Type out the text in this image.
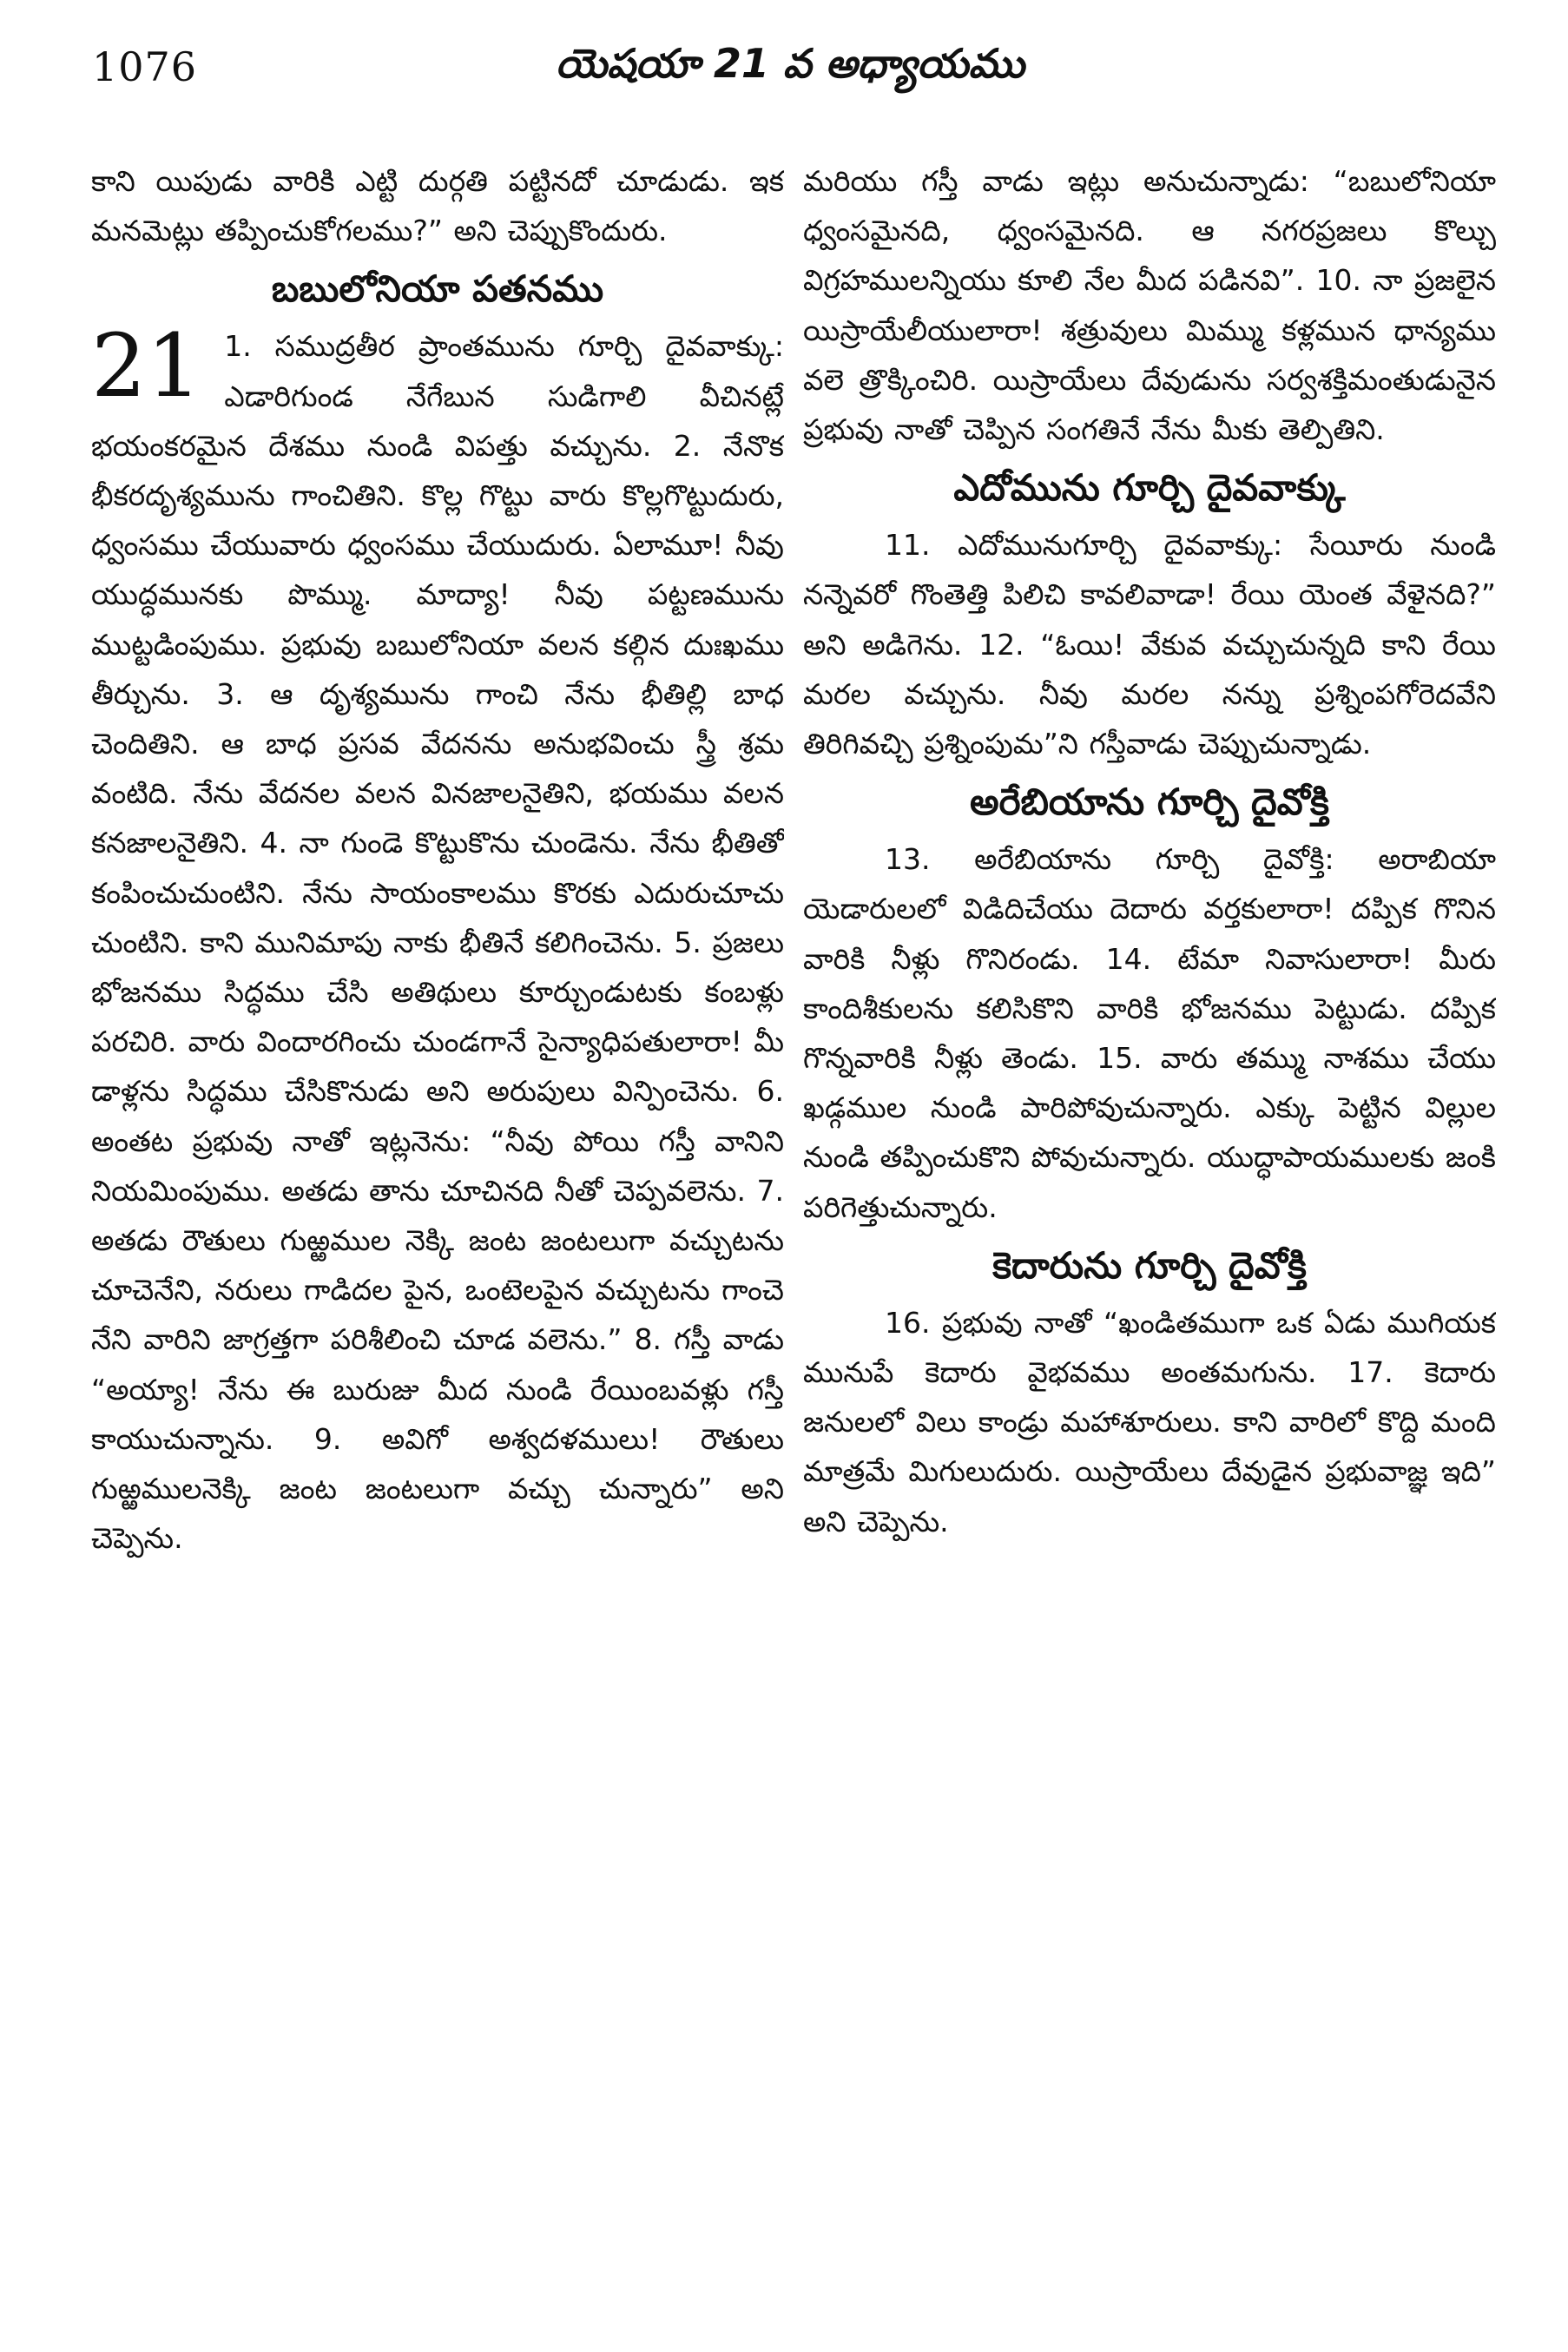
1076	యెషయా 21 వ అధ్యాయము

కాని యిపుడు వారికి ఎట్టి దుర్గతి పట్టినదో చూడుడు. ఇక మనమెట్లు తప్పించుకోగలము?” అని చెప్పుకొందురు.

బబులోనియా పతనము

21 1. సముద్రతీర ప్రాంతమును గూర్చి దైవవాక్కు: ఎడారిగుండ నేగేబున సుడిగాలి వీచినట్లే భయంకరమైన దేశము నుండి విపత్తు వచ్చును. 2. నేనొక భీకరదృశ్యమును గాంచితిని. కొల్ల గొట్టు వారు కొల్లగొట్టుదురు, ధ్వంసము చేయువారు ధ్వంసము చేయుదురు. ఏలామూ! నీవు యుద్ధమునకు పొమ్ము. మాద్యా! నీవు పట్టణమును ముట్టడింపుము. ప్రభువు బబులోనియా వలన కల్గిన దుఃఖము తీర్చును. 3. ఆ దృశ్యమును గాంచి నేను భీతిల్లి బాధ చెందితిని. ఆ బాధ ప్రసవ వేదనను అనుభవించు స్త్రీ శ్రమ వంటిది. నేను వేదనల వలన వినజాలనైతిని, భయము వలన కనజాలనైతిని. 4. నా గుండె కొట్టుకొను చుండెను. నేను భీతితో కంపించుచుంటిని. నేను సాయంకాలము కొరకు ఎదురుచూచు చుంటిని. కాని మునిమాపు నాకు భీతినే కలిగించెను. 5. ప్రజలు భోజనము సిద్ధము చేసి అతిథులు కూర్చుండుటకు కంబళ్లు పరచిరి. వారు విందారగించు చుండగానే సైన్యాధిపతులారా! మీ డాళ్లను సిద్ధము చేసికొనుడు అని అరుపులు విన్పించెను. 6. అంతట ప్రభువు నాతో ఇట్లనెను: “నీవు పోయి గస్తీ వానిని నియమింపుము. అతడు తాను చూచినది నీతో చెప్పవలెను. 7. అతడు రౌతులు గుఱ్ఱముల నెక్కి జంట జంటలుగా వచ్చుటను చూచెనేని, నరులు గాడిదల పైన, ఒంటెలపైన వచ్చుటను గాంచె నేని వారిని జాగ్రత్తగా పరిశీలించి చూడ వలెను.” 8. గస్తీ వాడు “అయ్యా! నేను ఈ బురుజు మీద నుండి రేయింబవళ్లు గస్తీ కాయుచున్నాను. 9. అవిగో అశ్వదళములు! రౌతులు గుఱ్ఱములనెక్కి జంట జంటలుగా వచ్చు చున్నారు” అని చెప్పెను.

మరియు గస్తీ వాడు ఇట్లు అనుచున్నాడు: “బబులోనియా ధ్వంసమైనది, ధ్వంసమైనది. ఆ నగరప్రజలు కొల్చు విగ్రహములన్నియు కూలి నేల మీద పడినవి”. 10. నా ప్రజలైన యిస్రాయేలీయులారా! శత్రువులు మిమ్ము కళ్లమున ధాన్యము వలె త్రొక్కించిరి. యిస్రాయేలు దేవుడును సర్వశక్తిమంతుడునైన ప్రభువు నాతో చెప్పిన సంగతినే నేను మీకు తెల్పితిని.

ఎదోమును గూర్చి దైవవాక్కు

11. ఎదోమునుగూర్చి దైవవాక్కు: సేయీరు నుండి నన్నెవరో గొంతెత్తి పిలిచి కావలివాడా! రేయి యెంత వేళైనది?” అని అడిగెను. 12. “ఓయి! వేకువ వచ్చుచున్నది కాని రేయి మరల వచ్చును. నీవు మరల నన్ను ప్రశ్నింపగోరెదవేని తిరిగివచ్చి ప్రశ్నింపుమ”ని గస్తీవాడు చెప్పుచున్నాడు.

అరేబియాను గూర్చి దైవోక్తి

13. అరేబియాను గూర్చి దైవోక్తి: అరాబియా యెడారులలో విడిదిచేయు దెదారు వర్తకులారా! దప్పిక గొనిన వారికి నీళ్లు గొనిరండు. 14. టేమా నివాసులారా! మీరు కాందిశీకులను కలిసికొని వారికి భోజనము పెట్టుడు. దప్పిక గొన్నవారికి నీళ్లు తెండు. 15. వారు తమ్ము నాశము చేయు ఖడ్గముల నుండి పారిపోవుచున్నారు. ఎక్కు పెట్టిన విల్లుల నుండి తప్పించుకొని పోవుచున్నారు. యుద్ధాపాయములకు జంకి పరిగెత్తుచున్నారు.

కెదారును గూర్చి దైవోక్తి

16. ప్రభువు నాతో “ఖండితముగా ఒక ఏడు ముగియక మునుపే కెదారు వైభవము అంతమగును. 17. కెదారు జనులలో విలు కాండ్రు మహాశూరులు. కాని వారిలో కొద్ది మంది మాత్రమే మిగులుదురు. యిస్రాయేలు దేవుడైన ప్రభువాజ్ఞ ఇది” అని చెప్పెను.
